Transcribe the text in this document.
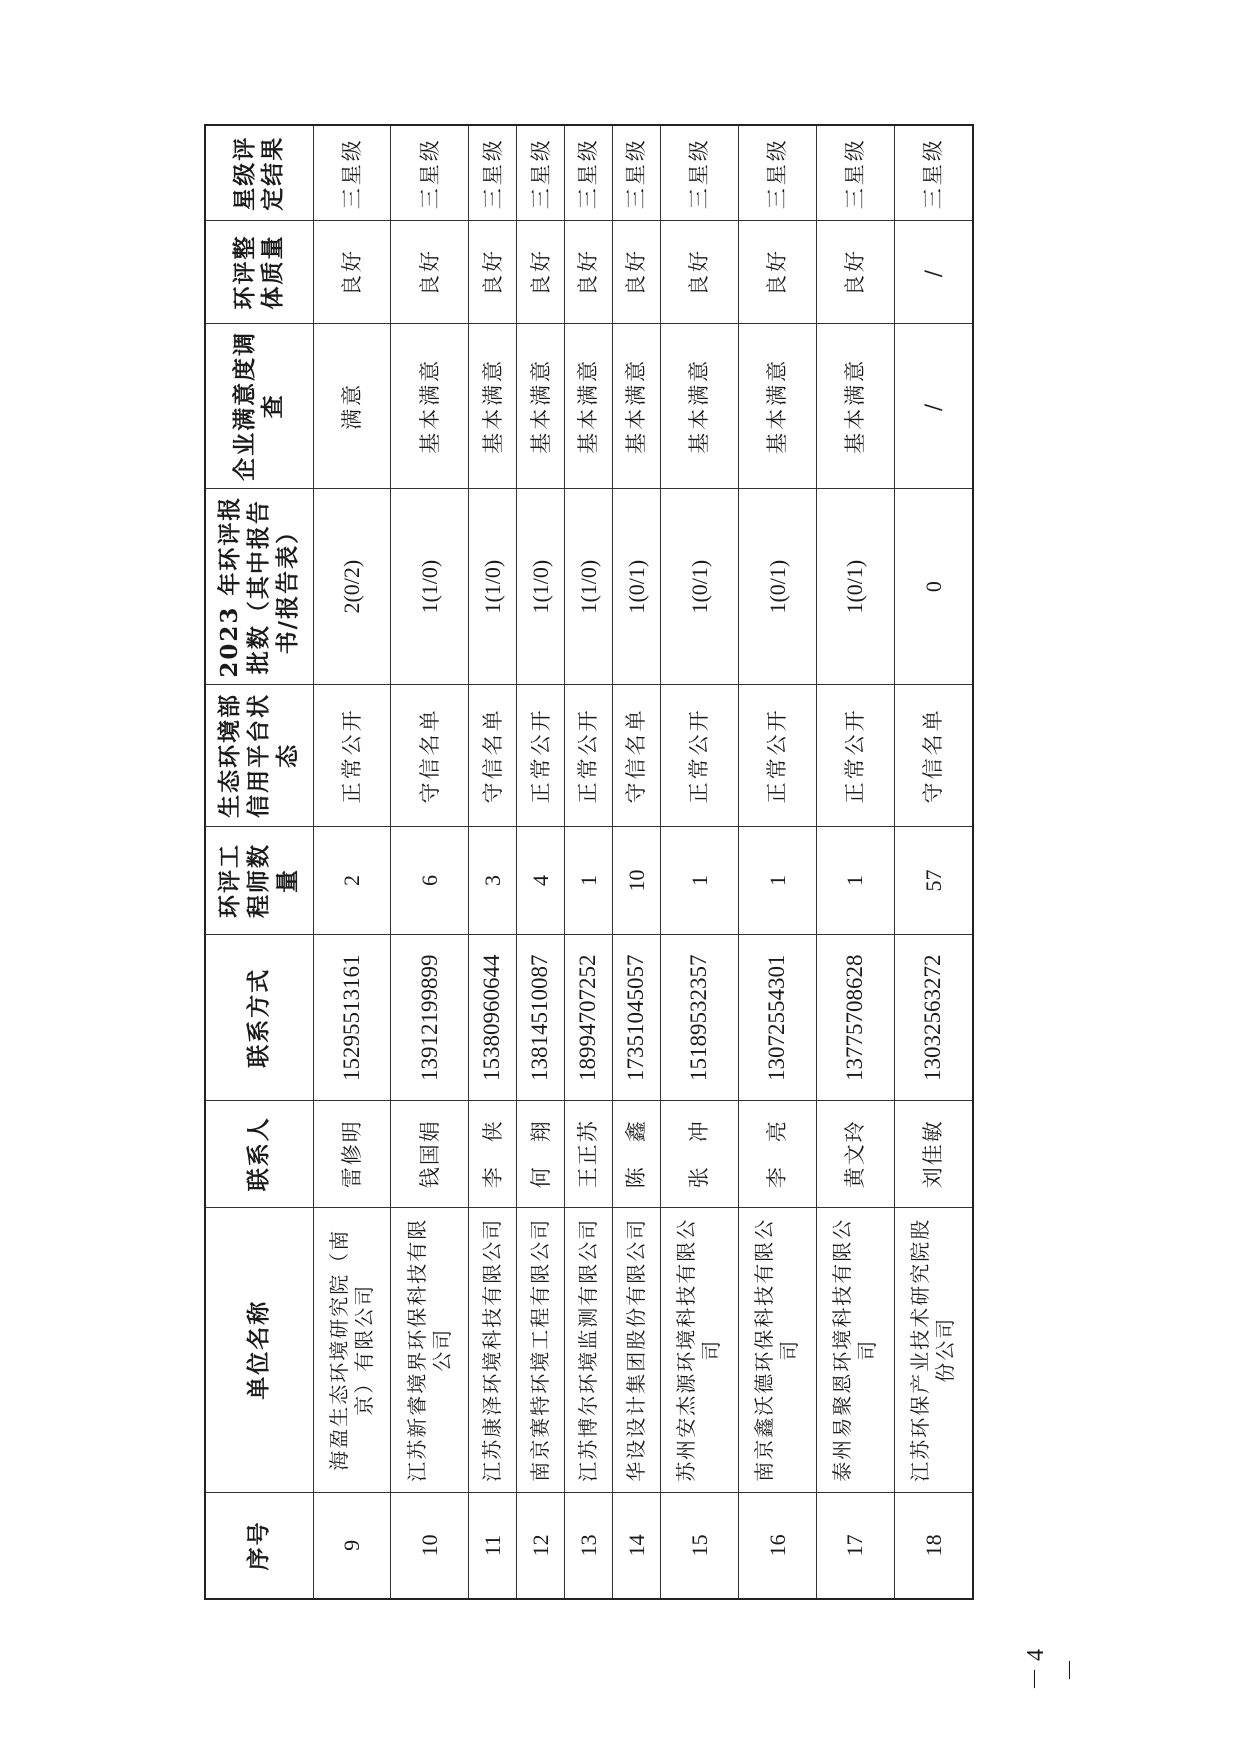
序号	单位名称	联系人	联系方式	环评工程师数量	生态环境部信用平台状态	2023 年环评报批数（其中报告书/报告表）	企业满意度调查	环评整体质量	星级评定结果
9	海盈生态环境研究院（南京）有限公司	雷修明	15295513161	2	正常公开	2(0/2)	满意	良好	三星级
10	江苏新睿境界环保科技有限公司	钱国娟	13912199899	6	守信名单	1(1/0)	基本满意	良好	三星级
11	江苏康泽环境科技有限公司	李　侠	15380960644	3	守信名单	1(1/0)	基本满意	良好	三星级
12	南京赛特环境工程有限公司	何　翔	13814510087	4	正常公开	1(1/0)	基本满意	良好	三星级
13	江苏博尔环境监测有限公司	王正苏	18994707252	1	正常公开	1(1/0)	基本满意	良好	三星级
14	华设设计集团股份有限公司	陈　鑫	17351045057	10	守信名单	1(0/1)	基本满意	良好	三星级
15	苏州安杰源环境科技有限公司	张　冲	15189532357	1	正常公开	1(0/1)	基本满意	良好	三星级
16	南京鑫沃德环保科技有限公司	李　亮	13072554301	1	正常公开	1(0/1)	基本满意	良好	三星级
17	泰州易聚恩环境科技有限公司	黄文玲	13775708628	1	正常公开	1(0/1)	基本满意	良好	三星级
18	江苏环保产业技术研究院股份公司	刘佳敏	13032563272	57	守信名单	0	/	/	三星级
－ 4 －
